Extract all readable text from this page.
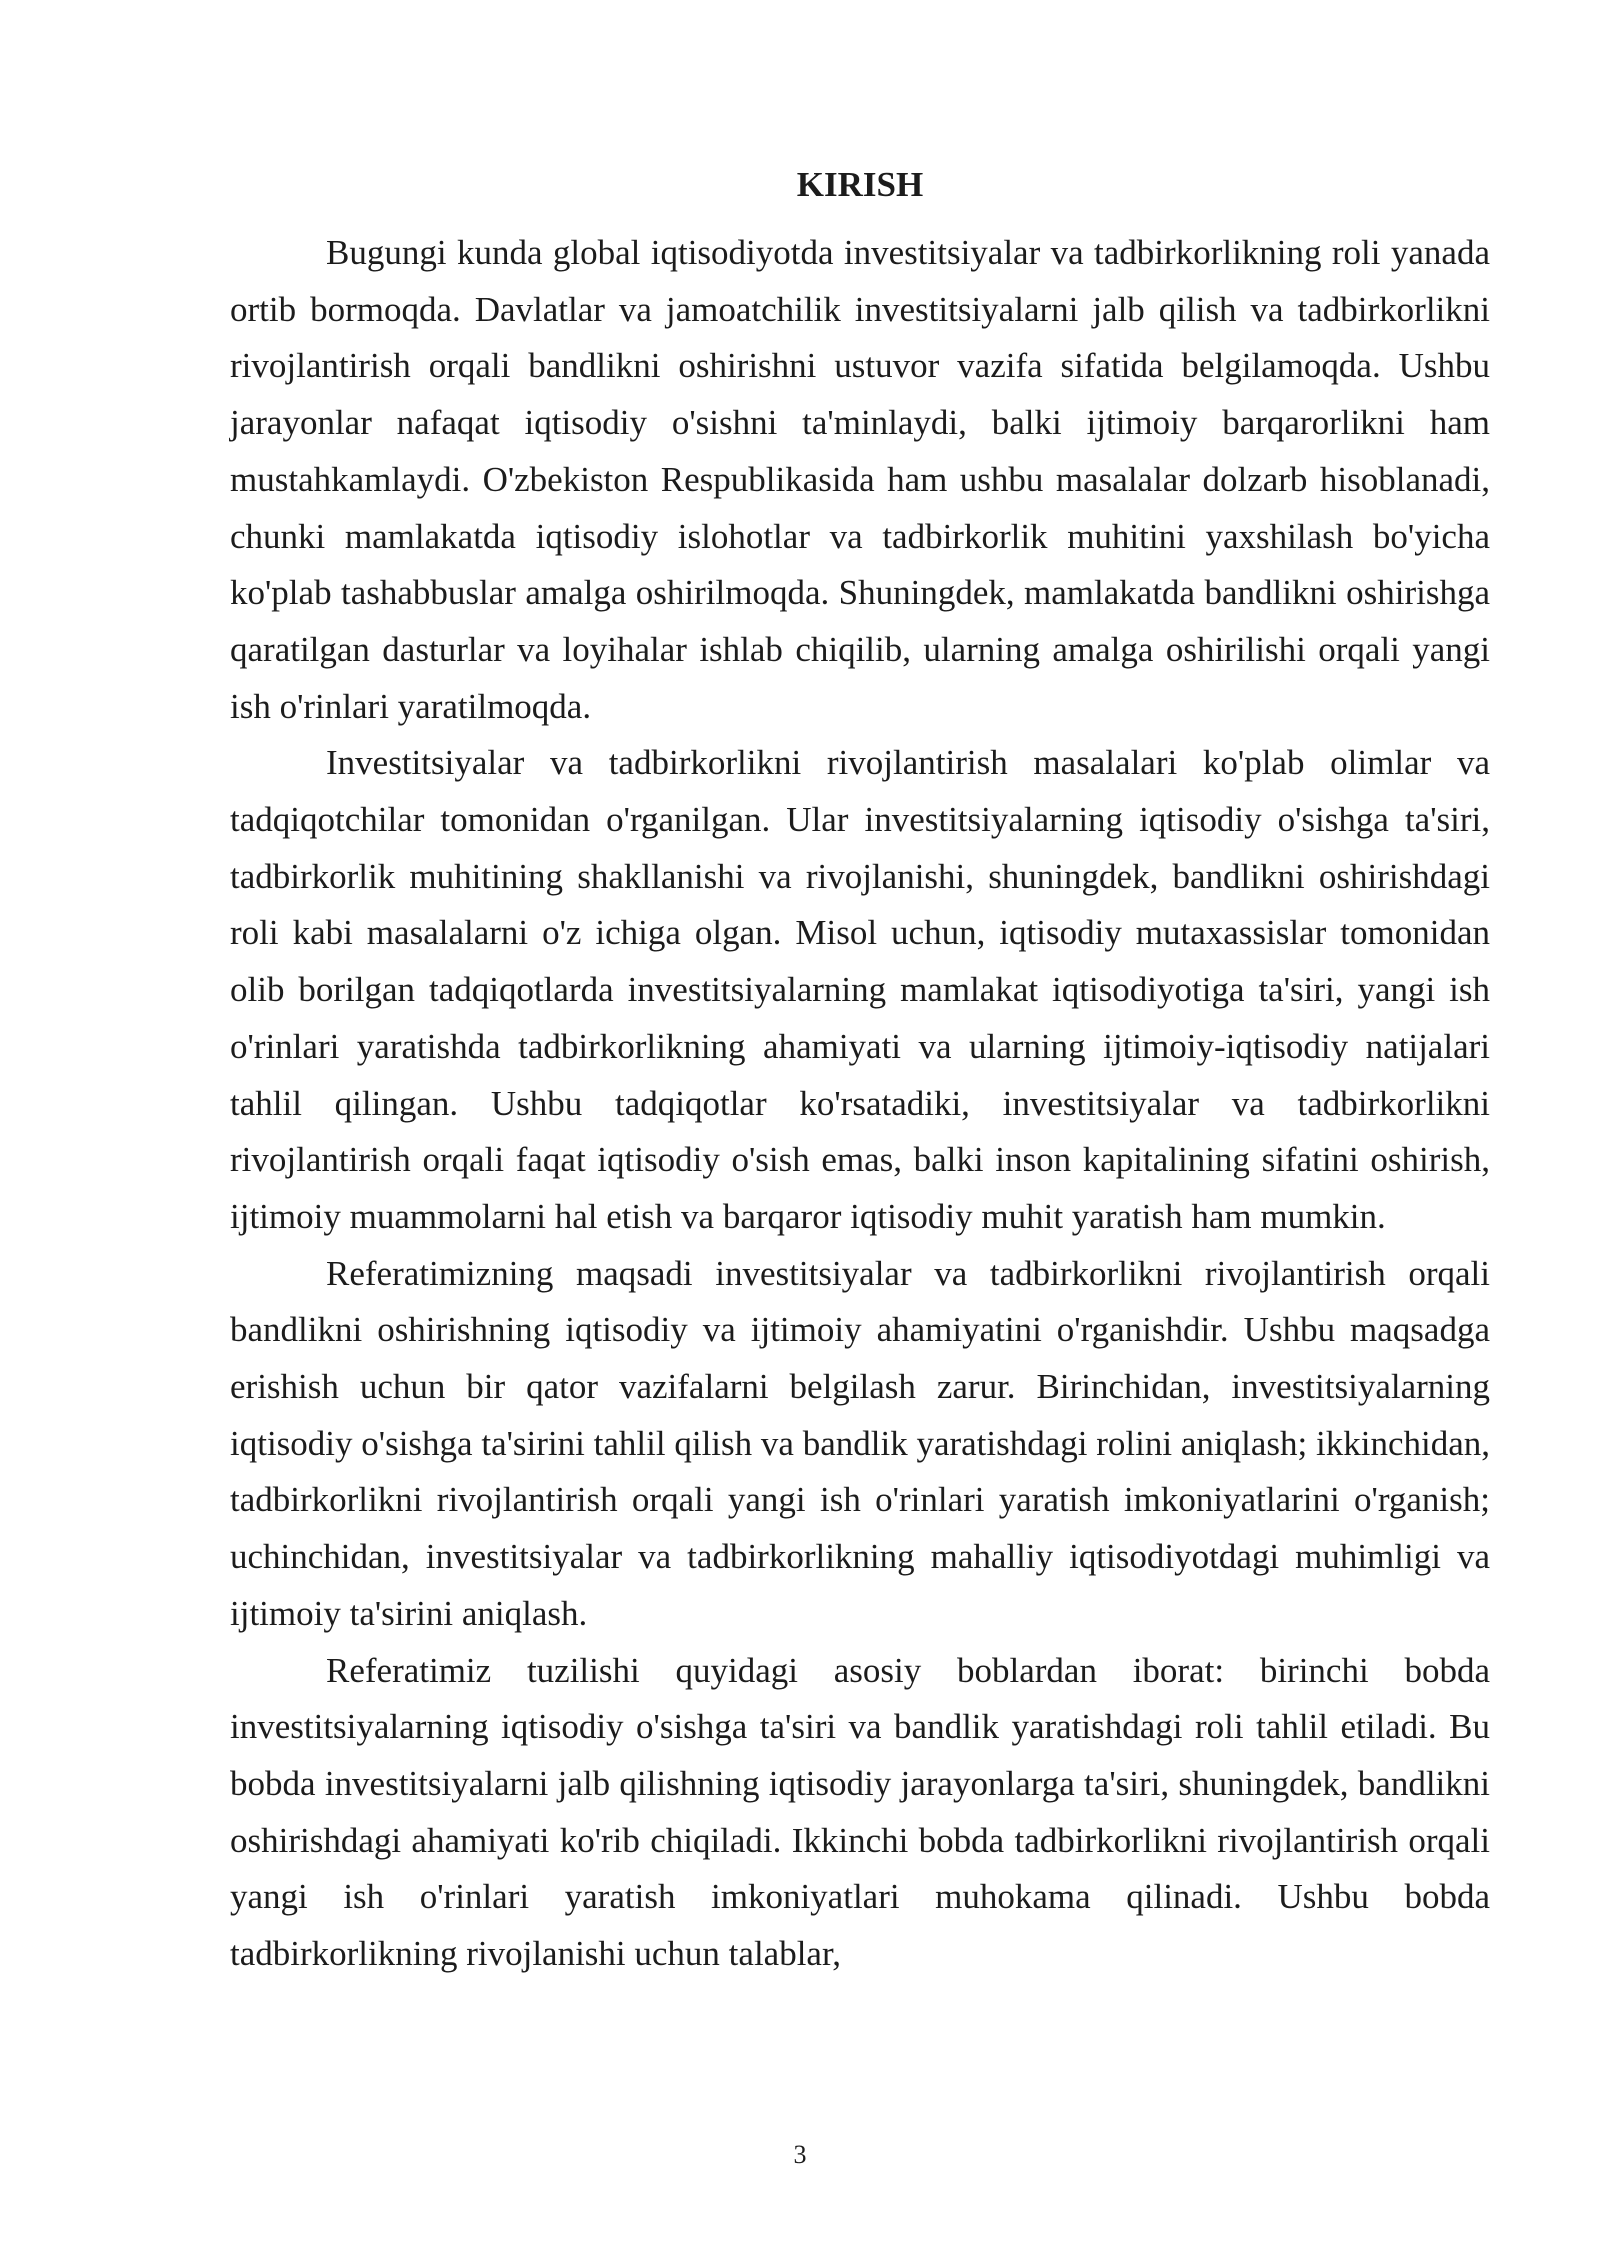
KIRISH

Bugungi kunda global iqtisodiyotda investitsiyalar va tadbirkorlikning roli yanada ortib bormoqda. Davlatlar va jamoatchilik investitsiyalarni jalb qilish va tadbirkorlikni rivojlantirish orqali bandlikni oshirishni ustuvor vazifa sifatida belgilamoqda. Ushbu jarayonlar nafaqat iqtisodiy o'sishni ta'minlaydi, balki ijtimoiy barqarorlikni ham mustahkamlaydi. O'zbekiston Respublikasida ham ushbu masalalar dolzarb hisoblanadi, chunki mamlakatda iqtisodiy islohotlar va tadbirkorlik muhitini yaxshilash bo'yicha ko'plab tashabbuslar amalga oshirilmoqda. Shuningdek, mamlakatda bandlikni oshirishga qaratilgan dasturlar va loyihalar ishlab chiqilib, ularning amalga oshirilishi orqali yangi ish o'rinlari yaratilmoqda.

Investitsiyalar va tadbirkorlikni rivojlantirish masalalari ko'plab olimlar va tadqiqotchilar tomonidan o'rganilgan. Ular investitsiyalarning iqtisodiy o'sishga ta'siri, tadbirkorlik muhitining shakllanishi va rivojlanishi, shuningdek, bandlikni oshirishdagi roli kabi masalalarni o'z ichiga olgan. Misol uchun, iqtisodiy mutaxassislar tomonidan olib borilgan tadqiqotlarda investitsiyalarning mamlakat iqtisodiyotiga ta'siri, yangi ish o'rinlari yaratishda tadbirkorlikning ahamiyati va ularning ijtimoiy-iqtisodiy natijalari tahlil qilingan. Ushbu tadqiqotlar ko'rsatadiki, investitsiyalar va tadbirkorlikni rivojlantirish orqali faqat iqtisodiy o'sish emas, balki inson kapitalining sifatini oshirish, ijtimoiy muammolarni hal etish va barqaror iqtisodiy muhit yaratish ham mumkin.

Referatimizning maqsadi investitsiyalar va tadbirkorlikni rivojlantirish orqali bandlikni oshirishning iqtisodiy va ijtimoiy ahamiyatini o'rganishdir. Ushbu maqsadga erishish uchun bir qator vazifalarni belgilash zarur. Birinchidan, investitsiyalarning iqtisodiy o'sishga ta'sirini tahlil qilish va bandlik yaratishdagi rolini aniqlash; ikkinchidan, tadbirkorlikni rivojlantirish orqali yangi ish o'rinlari yaratish imkoniyatlarini o'rganish; uchinchidan, investitsiyalar va tadbirkorlikning mahalliy iqtisodiyotdagi muhimligi va ijtimoiy ta'sirini aniqlash.

Referatimiz tuzilishi quyidagi asosiy boblardan iborat: birinchi bobda investitsiyalarning iqtisodiy o'sishga ta'siri va bandlik yaratishdagi roli tahlil etiladi. Bu bobda investitsiyalarni jalb qilishning iqtisodiy jarayonlarga ta'siri, shuningdek, bandlikni oshirishdagi ahamiyati ko'rib chiqiladi. Ikkinchi bobda tadbirkorlikni rivojlantirish orqali yangi ish o'rinlari yaratish imkoniyatlari muhokama qilinadi. Ushbu bobda tadbirkorlikning rivojlanishi uchun talablar,

3
